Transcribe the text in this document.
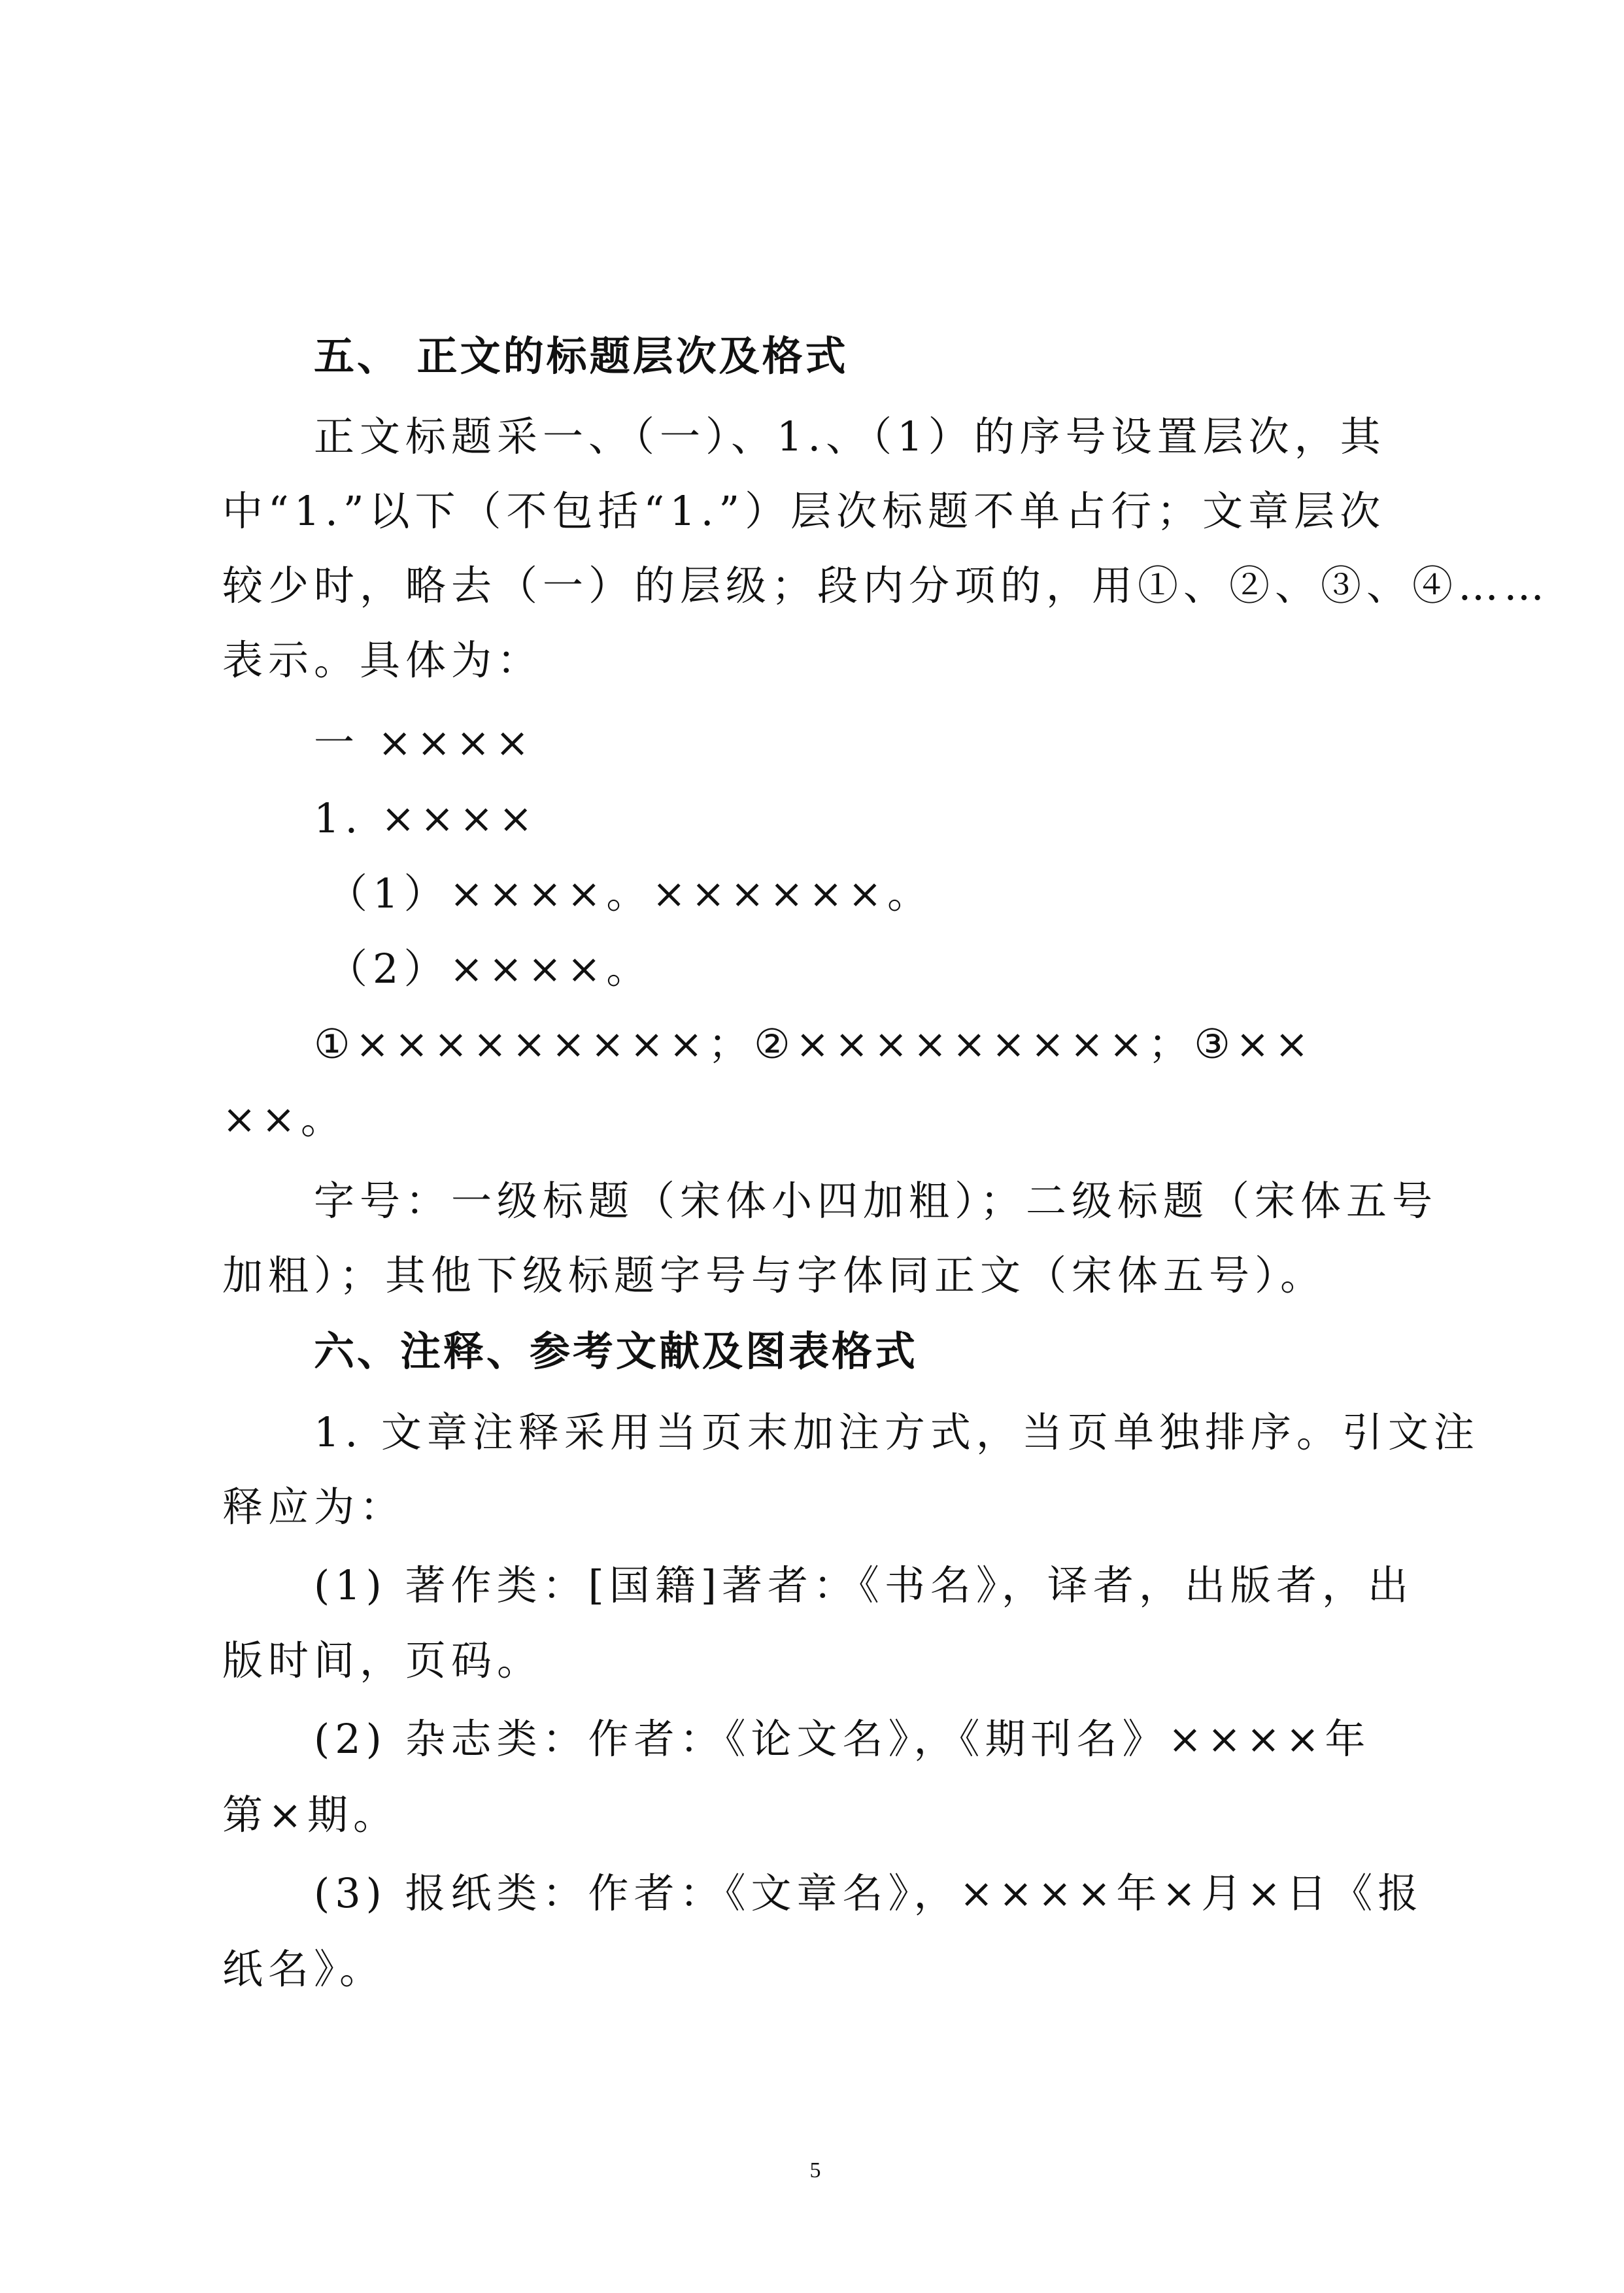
五、 正文的标题层次及格式
正文标题采一、（一）、1.、（1）的序号设置层次，其
中“1.”以下（不包括“1.”）层次标题不单占行；文章层次
较少时，略去（一）的层级；段内分项的，用①、②、③、④……
表示。具体为：
一 ××××
1. ××××
（1）××××。××××××。
（2）××××。
①×××××××××；②×××××××××；③××
××。
字号：一级标题（宋体小四加粗）；二级标题（宋体五号
加粗）；其他下级标题字号与字体同正文（宋体五号）。
六、注释、参考文献及图表格式
1. 文章注释采用当页末加注方式，当页单独排序。引文注
释应为：
(1) 著作类：[国籍]著者：《书名》，译者，出版者，出
版时间，页码。
(2) 杂志类：作者：《论文名》，《期刊名》××××年
第×期。
(3) 报纸类：作者：《文章名》，××××年×月×日《报
纸名》。
5
